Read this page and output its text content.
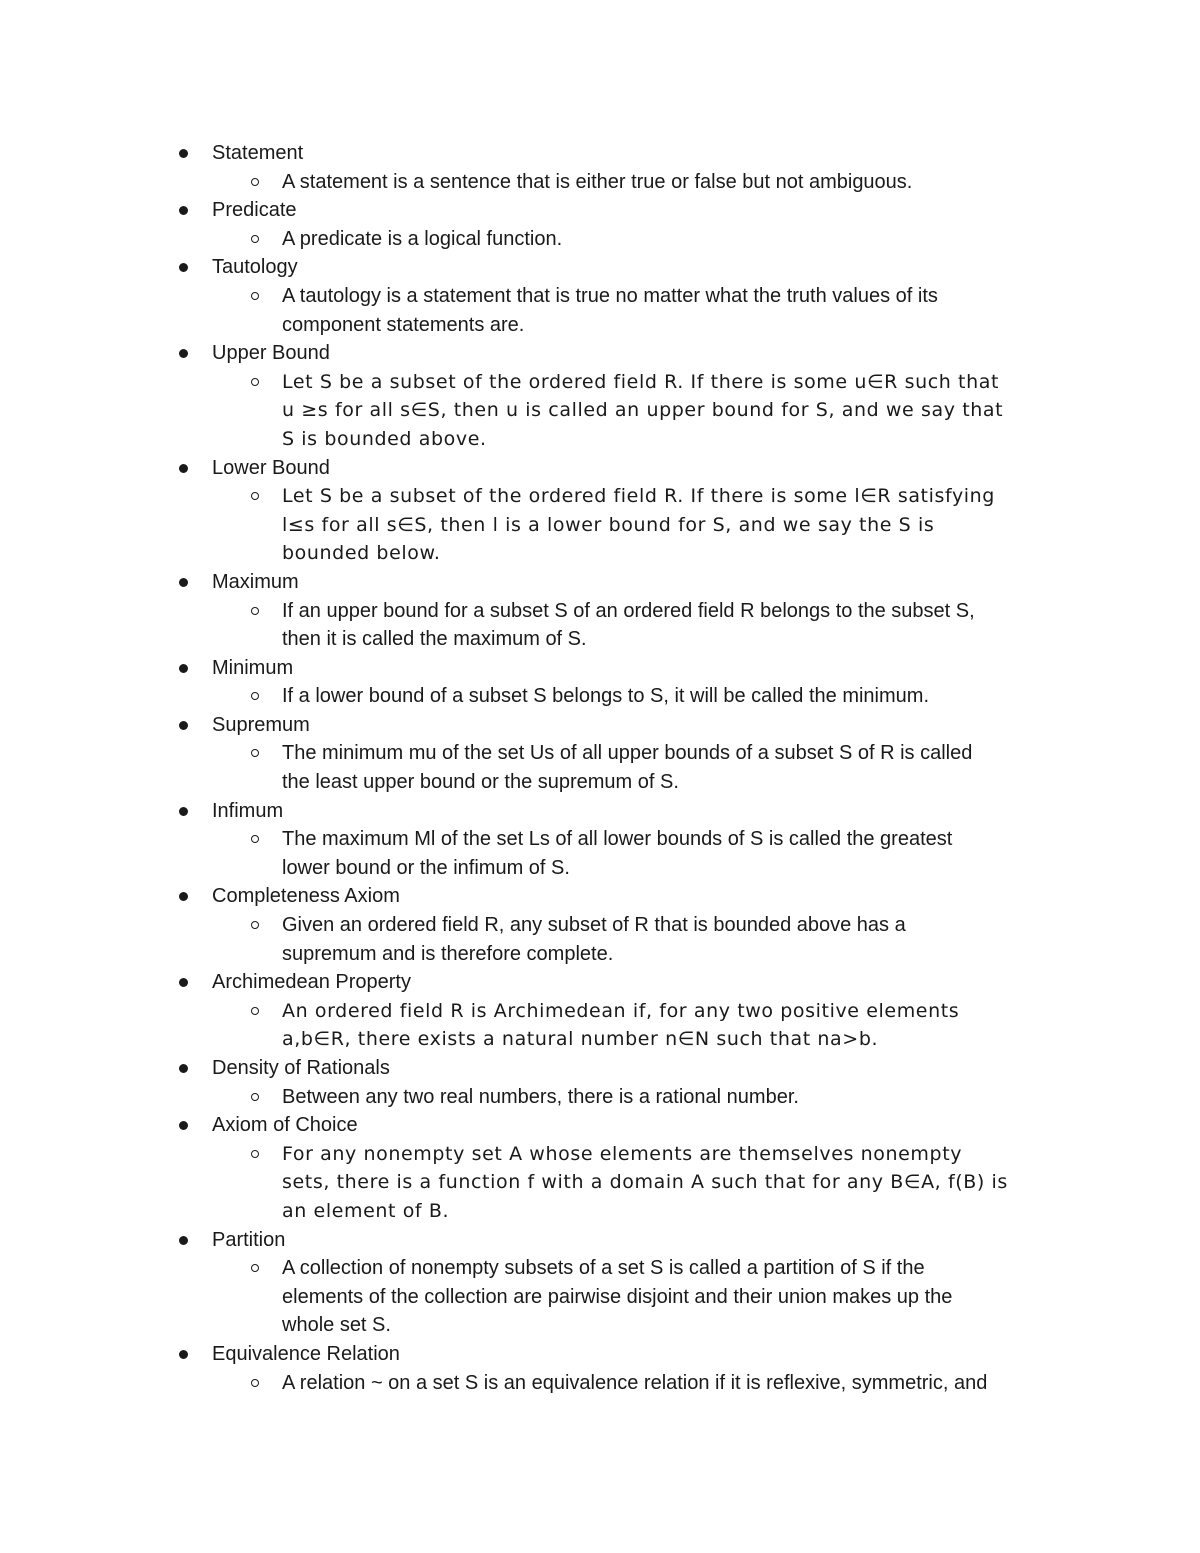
Statement
A statement is a sentence that is either true or false but not ambiguous.
Predicate
A predicate is a logical function.
Tautology
A tautology is a statement that is true no matter what the truth values of its
component statements are.
Upper Bound
Let S be a subset of the ordered field R. If there is some u∈R such that
u ≥s for all s∈S, then u is called an upper bound for S, and we say that
S is bounded above.
Lower Bound
Let S be a subset of the ordered field R. If there is some l∈R satisfying
l≤s for all s∈S, then l is a lower bound for S, and we say the S is
bounded below.
Maximum
If an upper bound for a subset S of an ordered field R belongs to the subset S,
then it is called the maximum of S.
Minimum
If a lower bound of a subset S belongs to S, it will be called the minimum.
Supremum
The minimum mu of the set Us of all upper bounds of a subset S of R is called
the least upper bound or the supremum of S.
Infimum
The maximum Ml of the set Ls of all lower bounds of S is called the greatest
lower bound or the infimum of S.
Completeness Axiom
Given an ordered field R, any subset of R that is bounded above has a
supremum and is therefore complete.
Archimedean Property
An ordered field R is Archimedean if, for any two positive elements
a,b∈R, there exists a natural number n∈N such that na>b.
Density of Rationals
Between any two real numbers, there is a rational number.
Axiom of Choice
For any nonempty set A whose elements are themselves nonempty
sets, there is a function f with a domain A such that for any B∈A, f(B) is
an element of B.
Partition
A collection of nonempty subsets of a set S is called a partition of S if the
elements of the collection are pairwise disjoint and their union makes up the
whole set S.
Equivalence Relation
A relation ~ on a set S is an equivalence relation if it is reflexive, symmetric, and
